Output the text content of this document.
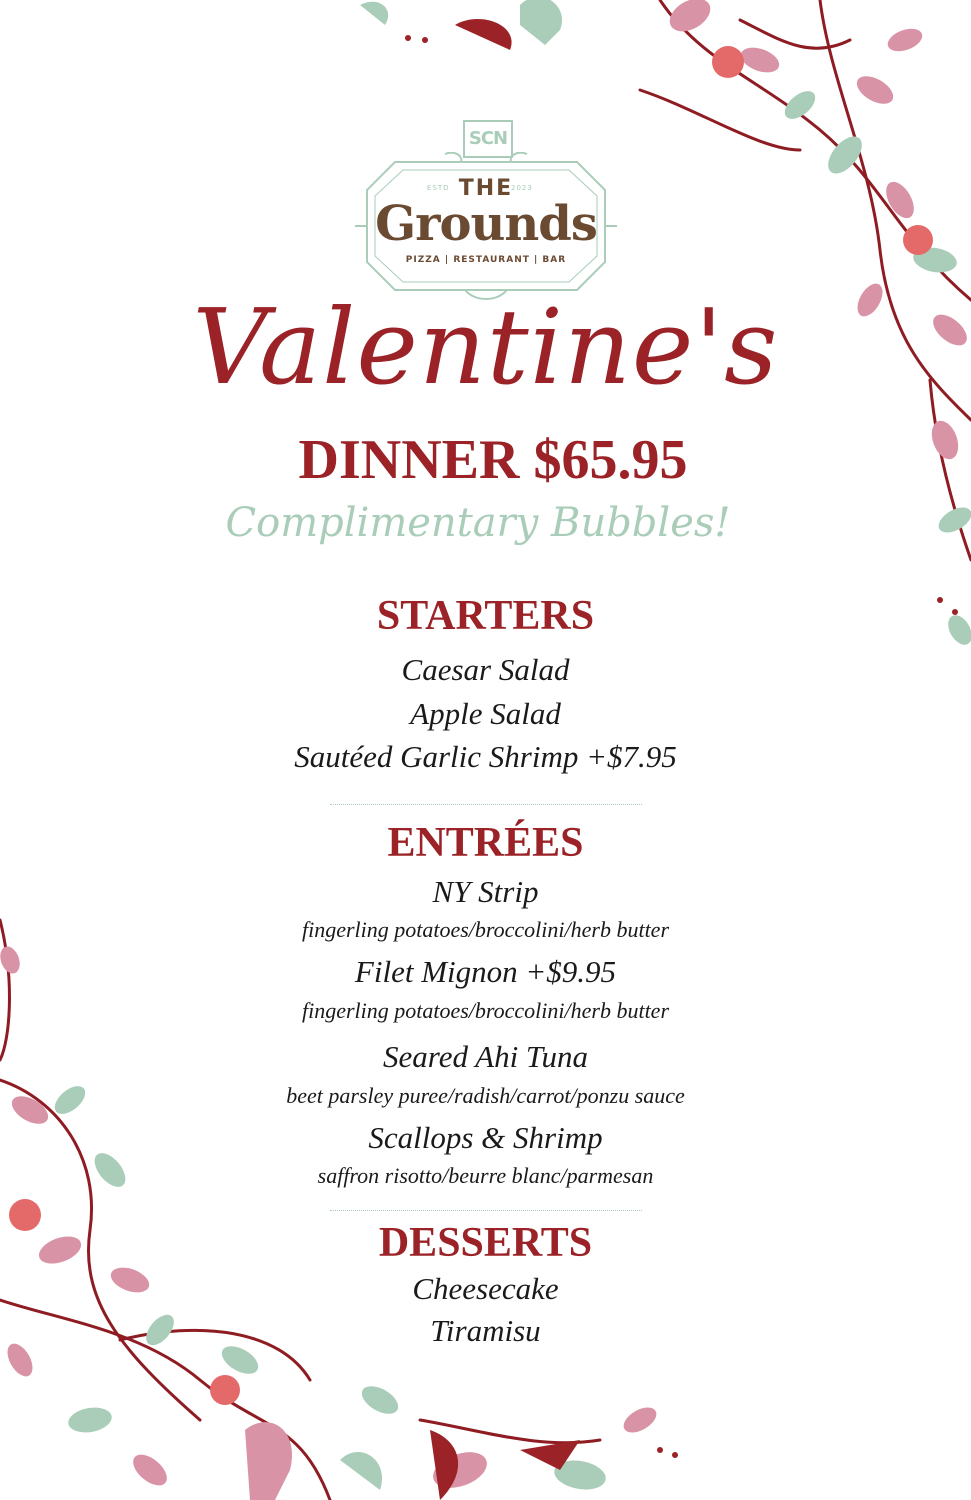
SCN
ESTD	2023
THE
Grounds
PIZZA | RESTAURANT | BAR
Valentine's
DINNER $65.95
Complimentary Bubbles!
STARTERS
Caesar Salad
Apple Salad
Sautéed Garlic Shrimp +$7.95
ENTRÉES
NY Strip
fingerling potatoes/broccolini/herb butter
Filet Mignon +$9.95
fingerling potatoes/broccolini/herb butter
Seared Ahi Tuna
beet parsley puree/radish/carrot/ponzu sauce
Scallops & Shrimp
saffron risotto/beurre blanc/parmesan
DESSERTS
Cheesecake
Tiramisu
